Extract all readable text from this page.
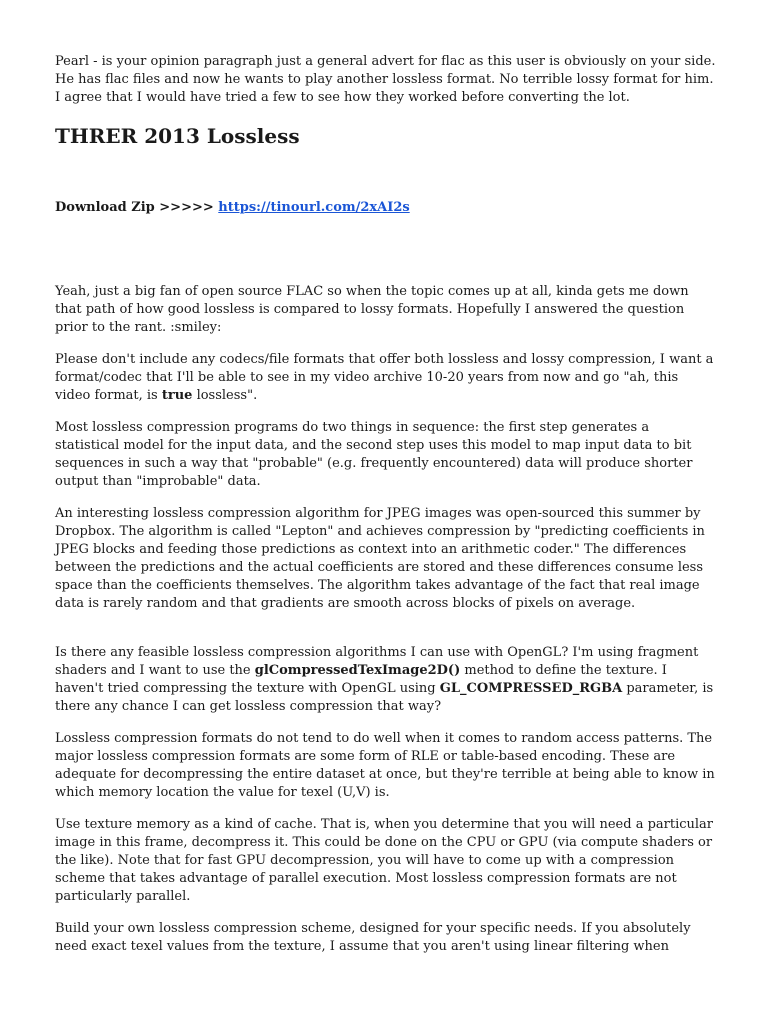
Pearl - is your opinion paragraph just a general advert for flac as this user is obviously on your side. He has flac files and now he wants to play another lossless format. No terrible lossy format for him. I agree that I would have tried a few to see how they worked before converting the lot.

THRER 2013 Lossless
Download Zip >>>>> https://tinourl.com/2xAI2s

Yeah, just a big fan of open source FLAC so when the topic comes up at all, kinda gets me down that path of how good lossless is compared to lossy formats. Hopefully I answered the question prior to the rant. :smiley:

Please don't include any codecs/file formats that offer both lossless and lossy compression, I want a format/codec that I'll be able to see in my video archive 10-20 years from now and go "ah, this video format, is true lossless".

Most lossless compression programs do two things in sequence: the first step generates a statistical model for the input data, and the second step uses this model to map input data to bit sequences in such a way that "probable" (e.g. frequently encountered) data will produce shorter output than "improbable" data.

An interesting lossless compression algorithm for JPEG images was open-sourced this summer by Dropbox. The algorithm is called "Lepton" and achieves compression by "predicting coefficients in JPEG blocks and feeding those predictions as context into an arithmetic coder." The differences between the predictions and the actual coefficients are stored and these differences consume less space than the coefficients themselves. The algorithm takes advantage of the fact that real image data is rarely random and that gradients are smooth across blocks of pixels on average.

Is there any feasible lossless compression algorithms I can use with OpenGL? I'm using fragment shaders and I want to use the glCompressedTexImage2D() method to define the texture. I haven't tried compressing the texture with OpenGL using GL_COMPRESSED_RGBA parameter, is there any chance I can get lossless compression that way?

Lossless compression formats do not tend to do well when it comes to random access patterns. The major lossless compression formats are some form of RLE or table-based encoding. These are adequate for decompressing the entire dataset at once, but they're terrible at being able to know in which memory location the value for texel (U,V) is.

Use texture memory as a kind of cache. That is, when you determine that you will need a particular image in this frame, decompress it. This could be done on the CPU or GPU (via compute shaders or the like). Note that for fast GPU decompression, you will have to come up with a compression scheme that takes advantage of parallel execution. Most lossless compression formats are not particularly parallel.

Build your own lossless compression scheme, designed for your specific needs. If you absolutely need exact texel values from the texture, I assume that you aren't using linear filtering when
